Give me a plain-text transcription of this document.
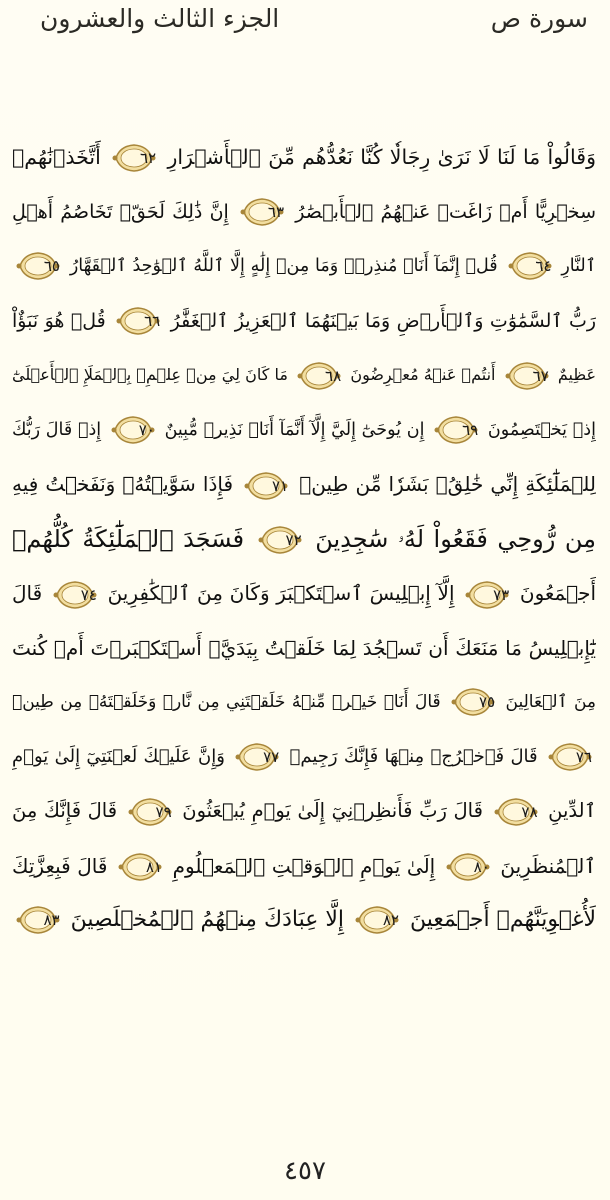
سورة ص
الجزء الثالث والعشرون
وَقَالُواْ مَا لَنَا لَا نَرَىٰ رِجَالٗا كُنَّا نَعُدُّهُم مِّنَ ٱلۡأَشۡرَارِ
٦٢
أَتَّخَذۡنَٰهُمۡ
سِخۡرِيًّا أَمۡ زَاغَتۡ عَنۡهُمُ ٱلۡأَبۡصَٰرُ
٦٣
إِنَّ ذَٰلِكَ لَحَقّٞ تَخَاصُمُ أَهۡلِ
ٱلنَّارِ
٦٤
قُلۡ إِنَّمَآ أَنَا۠ مُنذِرٞۖ وَمَا مِنۡ إِلَٰهٍ إِلَّا ٱللَّهُ ٱلۡوَٰحِدُ ٱلۡقَهَّارُ
٦٥
رَبُّ ٱلسَّمَٰوَٰتِ وَٱلۡأَرۡضِ وَمَا بَيۡنَهُمَا ٱلۡعَزِيزُ ٱلۡغَفَّٰرُ
٦٦
قُلۡ هُوَ نَبَؤٌاْ
عَظِيمٌ
٦٧
أَنتُمۡ عَنۡهُ مُعۡرِضُونَ
٦٨
مَا كَانَ لِيَ مِنۡ عِلۡمِۭ بِٱلۡمَلَإِ ٱلۡأَعۡلَىٰٓ
إِذۡ يَخۡتَصِمُونَ
٦٩
إِن يُوحَىٰٓ إِلَيَّ إِلَّآ أَنَّمَآ أَنَا۠ نَذِيرٞ مُّبِينٌ
٧٠
إِذۡ قَالَ رَبُّكَ
لِلۡمَلَٰٓئِكَةِ إِنِّي خَٰلِقُۢ بَشَرٗا مِّن طِينٖ
٧١
فَإِذَا سَوَّيۡتُهُۥ وَنَفَخۡتُ فِيهِ
مِن رُّوحِي فَقَعُواْ لَهُۥ سَٰجِدِينَ
٧٢
فَسَجَدَ ٱلۡمَلَٰٓئِكَةُ كُلُّهُمۡ
أَجۡمَعُونَ
٧٣
إِلَّآ إِبۡلِيسَ ٱسۡتَكۡبَرَ وَكَانَ مِنَ ٱلۡكَٰفِرِينَ
٧٤
قَالَ
يَٰٓإِبۡلِيسُ مَا مَنَعَكَ أَن تَسۡجُدَ لِمَا خَلَقۡتُ بِيَدَيَّۖ أَسۡتَكۡبَرۡتَ أَمۡ كُنتَ
مِنَ ٱلۡعَالِينَ
٧٥
قَالَ أَنَا۠ خَيۡرٞ مِّنۡهُ خَلَقۡتَنِي مِن نَّارٖ وَخَلَقۡتَهُۥ مِن طِينٖ
٧٦
قَالَ فَٱخۡرُجۡ مِنۡهَا فَإِنَّكَ رَجِيمٞ
٧٧
وَإِنَّ عَلَيۡكَ لَعۡنَتِيٓ إِلَىٰ يَوۡمِ
ٱلدِّينِ
٧٨
قَالَ رَبِّ فَأَنظِرۡنِيٓ إِلَىٰ يَوۡمِ يُبۡعَثُونَ
٧٩
قَالَ فَإِنَّكَ مِنَ
ٱلۡمُنظَرِينَ
٨٠
إِلَىٰ يَوۡمِ ٱلۡوَقۡتِ ٱلۡمَعۡلُومِ
٨١
قَالَ فَبِعِزَّتِكَ
لَأُغۡوِيَنَّهُمۡ أَجۡمَعِينَ
٨٢
إِلَّا عِبَادَكَ مِنۡهُمُ ٱلۡمُخۡلَصِينَ
٨٣
٤٥٧
